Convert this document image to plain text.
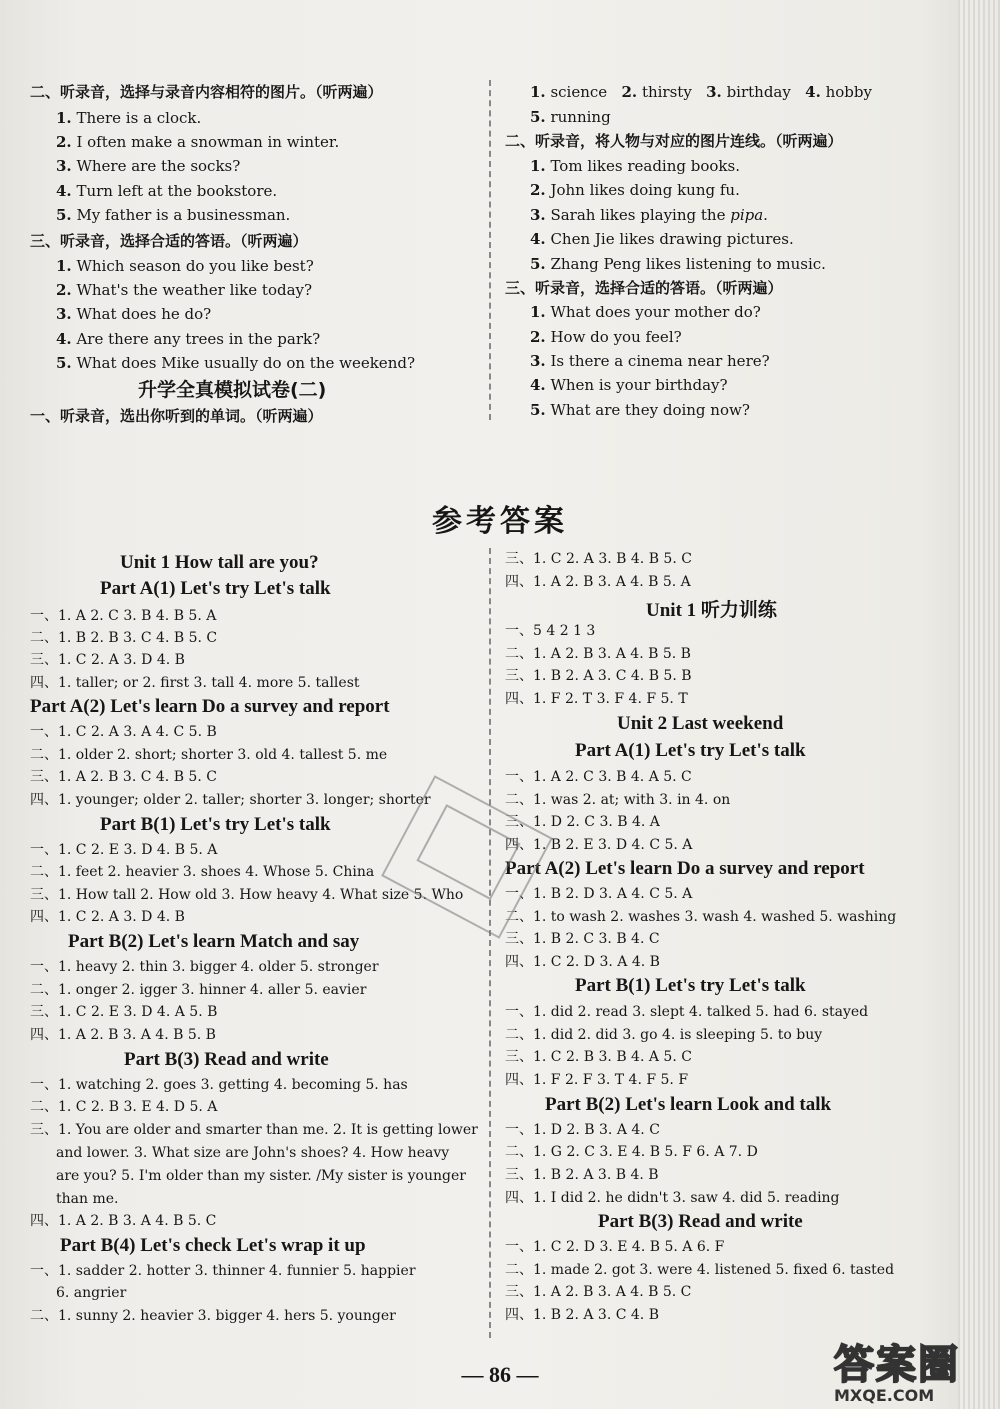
二、听录音，选择与录音内容相符的图片。（听两遍）
1. There is a clock.
2. I often make a snowman in winter.
3. Where are the socks?
4. Turn left at the bookstore.
5. My father is a businessman.
三、听录音，选择合适的答语。（听两遍）
1. Which season do you like best?
2. What's the weather like today?
3. What does he do?
4. Are there any trees in the park?
5. What does Mike usually do on the weekend?
升学全真模拟试卷(二)
一、听录音，选出你听到的单词。（听两遍）
1. science 2. thirsty 3. birthday 4. hobby
5. running
二、听录音，将人物与对应的图片连线。（听两遍）
1. Tom likes reading books.
2. John likes doing kung fu.
3. Sarah likes playing the pipa.
4. Chen Jie likes drawing pictures.
5. Zhang Peng likes listening to music.
三、听录音，选择合适的答语。（听两遍）
1. What does your mother do?
2. How do you feel?
3. Is there a cinema near here?
4. When is your birthday?
5. What are they doing now?
参考答案
Unit 1 How tall are you?
Part A(1) Let's try Let's talk
一、1. A 2. C 3. B 4. B 5. A
二、1. B 2. B 3. C 4. B 5. C
三、1. C 2. A 3. D 4. B
四、1. taller; or 2. first 3. tall 4. more 5. tallest
Part A(2) Let's learn Do a survey and report
一、1. C 2. A 3. A 4. C 5. B
二、1. older 2. short; shorter 3. old 4. tallest 5. me
三、1. A 2. B 3. C 4. B 5. C
四、1. younger; older 2. taller; shorter 3. longer; shorter
Part B(1) Let's try Let's talk
一、1. C 2. E 3. D 4. B 5. A
二、1. feet 2. heavier 3. shoes 4. Whose 5. China
三、1. How tall 2. How old 3. How heavy 4. What size 5. Who
四、1. C 2. A 3. D 4. B
Part B(2) Let's learn Match and say
一、1. heavy 2. thin 3. bigger 4. older 5. stronger
二、1. onger 2. igger 3. hinner 4. aller 5. eavier
三、1. C 2. E 3. D 4. A 5. B
四、1. A 2. B 3. A 4. B 5. B
Part B(3) Read and write
一、1. watching 2. goes 3. getting 4. becoming 5. has
二、1. C 2. B 3. E 4. D 5. A
三、1. You are older and smarter than me. 2. It is getting lower
and lower. 3. What size are John's shoes? 4. How heavy
are you? 5. I'm older than my sister. /My sister is younger
than me.
四、1. A 2. B 3. A 4. B 5. C
Part B(4) Let's check Let's wrap it up
一、1. sadder 2. hotter 3. thinner 4. funnier 5. happier
6. angrier
二、1. sunny 2. heavier 3. bigger 4. hers 5. younger
三、1. C 2. A 3. B 4. B 5. C
四、1. A 2. B 3. A 4. B 5. A
Unit 1 听力训练
一、5 4 2 1 3
二、1. A 2. B 3. A 4. B 5. B
三、1. B 2. A 3. C 4. B 5. B
四、1. F 2. T 3. F 4. F 5. T
Unit 2 Last weekend
Part A(1) Let's try Let's talk
一、1. A 2. C 3. B 4. A 5. C
二、1. was 2. at; with 3. in 4. on
三、1. D 2. C 3. B 4. A
四、1. B 2. E 3. D 4. C 5. A
Part A(2) Let's learn Do a survey and report
一、1. B 2. D 3. A 4. C 5. A
二、1. to wash 2. washes 3. wash 4. washed 5. washing
三、1. B 2. C 3. B 4. C
四、1. C 2. D 3. A 4. B
Part B(1) Let's try Let's talk
一、1. did 2. read 3. slept 4. talked 5. had 6. stayed
二、1. did 2. did 3. go 4. is sleeping 5. to buy
三、1. C 2. B 3. B 4. A 5. C
四、1. F 2. F 3. T 4. F 5. F
Part B(2) Let's learn Look and talk
一、1. D 2. B 3. A 4. C
二、1. G 2. C 3. E 4. B 5. F 6. A 7. D
三、1. B 2. A 3. B 4. B
四、1. I did 2. he didn't 3. saw 4. did 5. reading
Part B(3) Read and write
一、1. C 2. D 3. E 4. B 5. A 6. F
二、1. made 2. got 3. were 4. listened 5. fixed 6. tasted
三、1. A 2. B 3. A 4. B 5. C
四、1. B 2. A 3. C 4. B
— 86 —	答案圈
MXQE.COM
